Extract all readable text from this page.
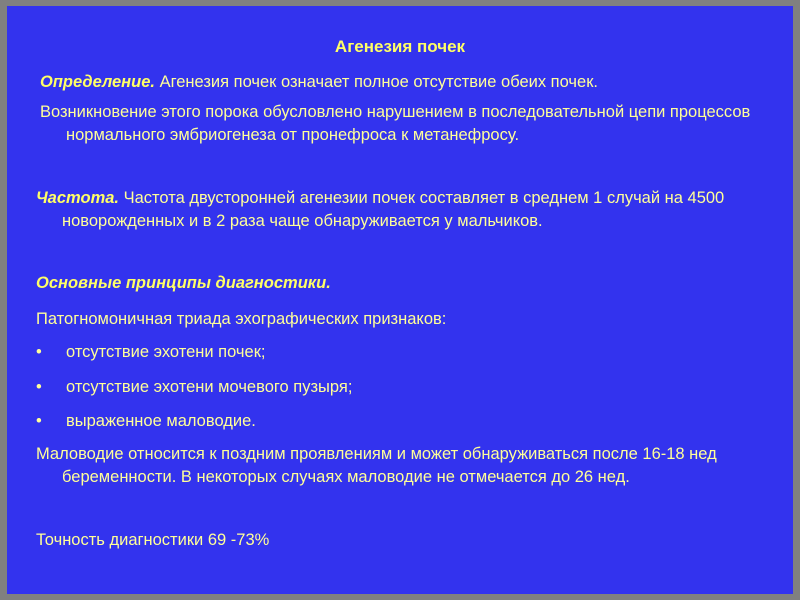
Агенезия почек
Определение. Агенезия почек означает полное отсутствие обеих почек.
Возникновение этого порока обусловлено нарушением в последовательной цепи процессов нормального эмбриогенеза от пронефроса к метанефросу.
Частота. Частота двусторонней агенезии почек составляет в среднем 1 случай на 4500 новорожденных и в 2 раза чаще обнаруживается у мальчиков.
Основные принципы диагностики.
Патогномоничная триада эхографических признаков:
• отсутствие эхотени почек;
• отсутствие эхотени мочевого пузыря;
• выраженное маловодие.
Маловодие относится к поздним проявлениям и может обнаруживаться после 16-18 нед беременности. В некоторых случаях маловодие не отмечается до 26 нед.
Точность диагностики 69 -73%
